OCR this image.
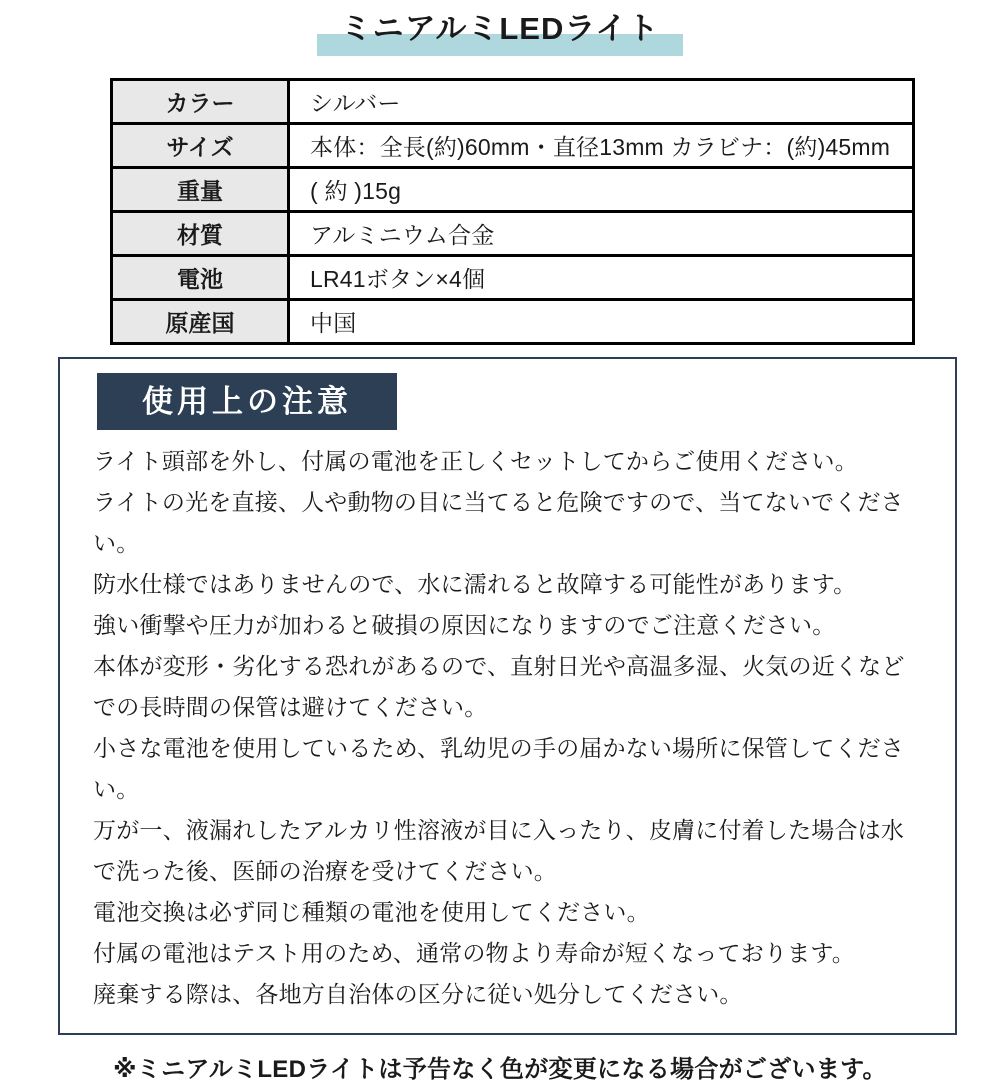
ミニアルミLEDライト
カラー	シルバー
サイズ	本体：全長(約)60mm・直径13mm カラビナ：(約)45mm
重量	( 約 )15g
材質	アルミニウム合金
電池	LR41ボタン×4個
原産国	中国
使用上の注意

ライト頭部を外し、付属の電池を正しくセットしてからご使用ください。

ライトの光を直接、人や動物の目に当てると危険ですので、当てないでください。

防水仕様ではありませんので、水に濡れると故障する可能性があります。

強い衝撃や圧力が加わると破損の原因になりますのでご注意ください。

本体が変形・劣化する恐れがあるので、直射日光や高温多湿、火気の近くなどでの長時間の保管は避けてください。

小さな電池を使用しているため、乳幼児の手の届かない場所に保管してください。

万が一、液漏れしたアルカリ性溶液が目に入ったり、皮膚に付着した場合は水で洗った後、医師の治療を受けてください。

電池交換は必ず同じ種類の電池を使用してください。

付属の電池はテスト用のため、通常の物より寿命が短くなっております。

廃棄する際は、各地方自治体の区分に従い処分してください。

※ミニアルミLEDライトは予告なく色が変更になる場合がございます。
